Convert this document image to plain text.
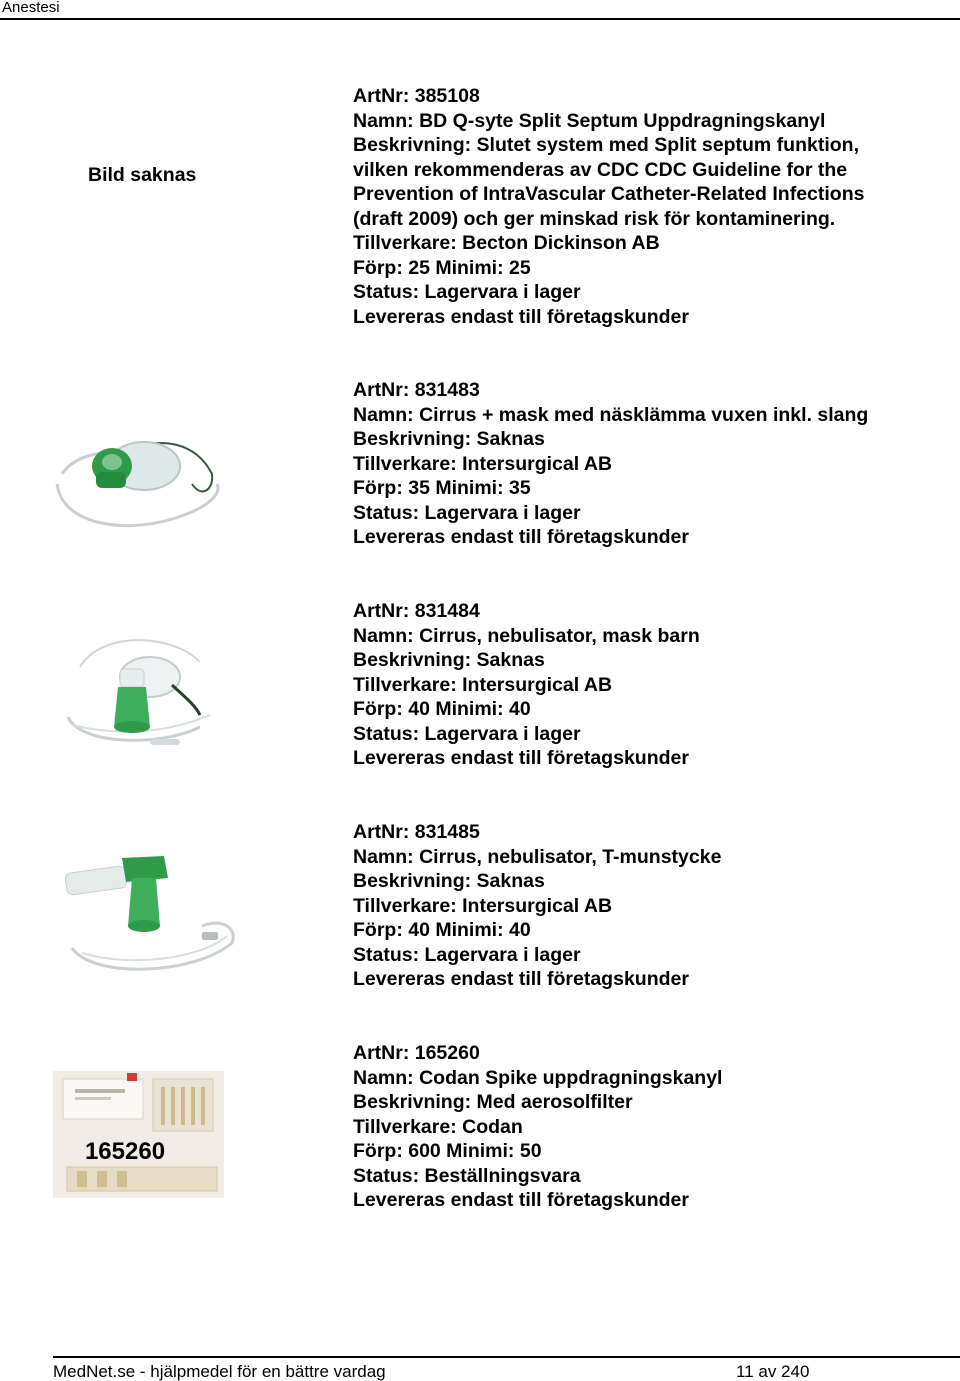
Anestesi
ArtNr: 385108
Namn: BD Q-syte Split Septum Uppdragningskanyl
Beskrivning: Slutet system med Split septum funktion,
vilken rekommenderas av CDC CDC Guideline for the
Prevention of IntraVascular Catheter-Related Infections
(draft 2009) och ger minskad risk för kontaminering.
Tillverkare: Becton Dickinson AB
Förp: 25 Minimi: 25
Status: Lagervara i lager
Levereras endast till företagskunder
Bild saknas
ArtNr: 831483
Namn: Cirrus + mask med näsklämma vuxen inkl. slang
Beskrivning: Saknas
Tillverkare: Intersurgical AB
Förp: 35 Minimi: 35
Status: Lagervara i lager
Levereras endast till företagskunder
ArtNr: 831484
Namn: Cirrus, nebulisator, mask barn
Beskrivning: Saknas
Tillverkare: Intersurgical AB
Förp: 40 Minimi: 40
Status: Lagervara i lager
Levereras endast till företagskunder
ArtNr: 831485
Namn: Cirrus, nebulisator, T-munstycke
Beskrivning: Saknas
Tillverkare: Intersurgical AB
Förp: 40 Minimi: 40
Status: Lagervara i lager
Levereras endast till företagskunder
165260
ArtNr: 165260
Namn: Codan Spike uppdragningskanyl
Beskrivning: Med aerosolfilter
Tillverkare: Codan
Förp: 600 Minimi: 50
Status: Beställningsvara
Levereras endast till företagskunder
MedNet.se - hjälpmedel för en bättre vardag	11 av 240
